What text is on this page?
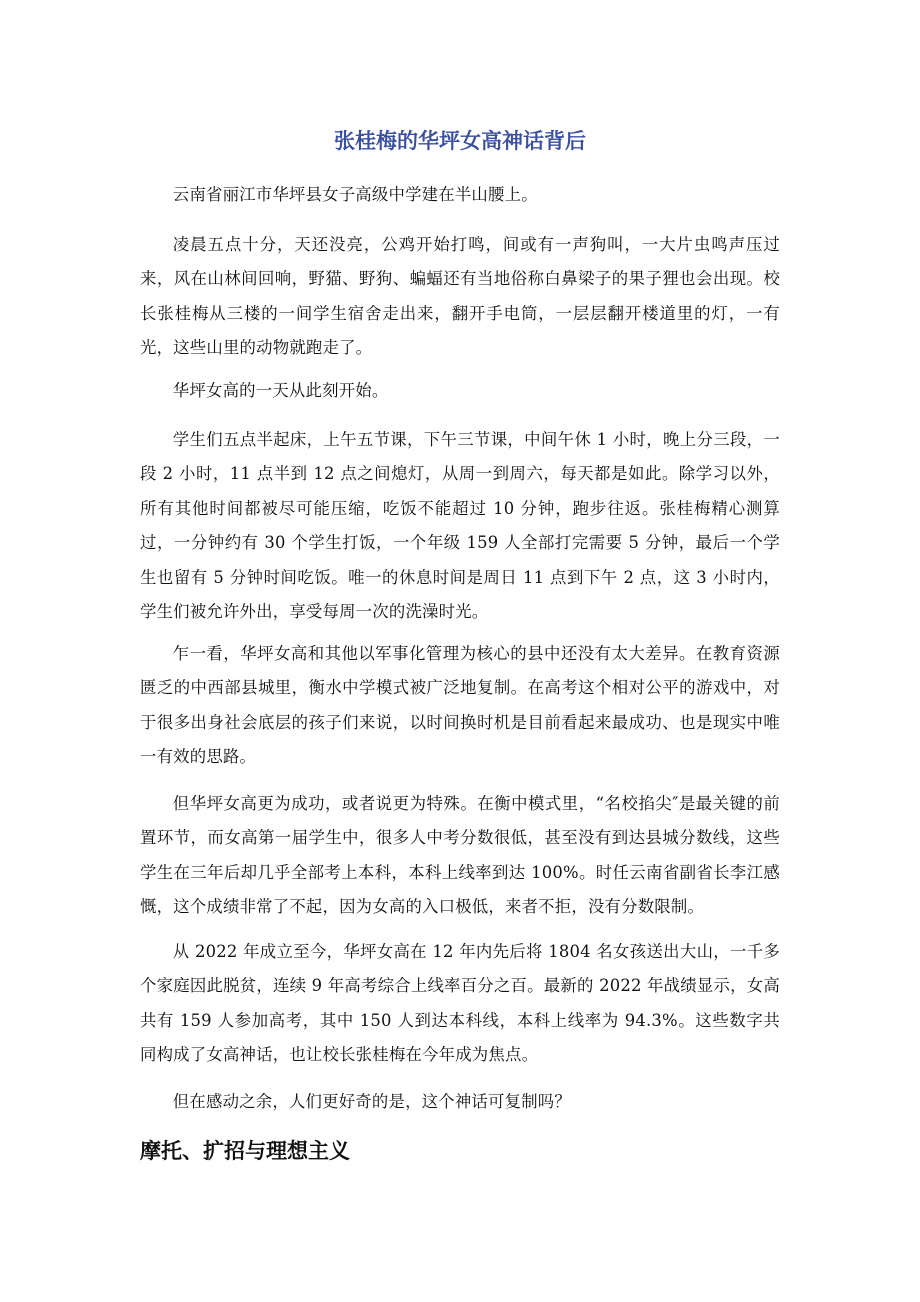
张桂梅的华坪女高神话背后

云南省丽江市华坪县女子高级中学建在半山腰上。

凌晨五点十分，天还没亮，公鸡开始打鸣，间或有一声狗叫，一大片虫鸣声压过来，风在山林间回响，野猫、野狗、蝙蝠还有当地俗称白鼻梁子的果子狸也会出现。校长张桂梅从三楼的一间学生宿舍走出来，翻开手电筒，一层层翻开楼道里的灯，一有光，这些山里的动物就跑走了。

华坪女高的一天从此刻开始。

学生们五点半起床，上午五节课，下午三节课，中间午休 1 小时，晚上分三段，一段 2 小时，11 点半到 12 点之间熄灯，从周一到周六，每天都是如此。除学习以外，所有其他时间都被尽可能压缩，吃饭不能超过 10 分钟，跑步往返。张桂梅精心测算过，一分钟约有 30 个学生打饭，一个年级 159 人全部打完需要 5 分钟，最后一个学生也留有 5 分钟时间吃饭。唯一的休息时间是周日 11 点到下午 2 点，这 3 小时内，学生们被允许外出，享受每周一次的洗澡时光。

乍一看，华坪女高和其他以军事化管理为核心的县中还没有太大差异。在教育资源匮乏的中西部县城里，衡水中学模式被广泛地复制。在高考这个相对公平的游戏中，对于很多出身社会底层的孩子们来说，以时间换时机是目前看起来最成功、也是现实中唯一有效的思路。

但华坪女高更为成功，或者说更为特殊。在衡中模式里，“名校掐尖″是最关键的前置环节，而女高第一届学生中，很多人中考分数很低，甚至没有到达县城分数线，这些学生在三年后却几乎全部考上本科，本科上线率到达 100%。时任云南省副省长李江感慨，这个成绩非常了不起，因为女高的入口极低，来者不拒，没有分数限制。

从 2022 年成立至今，华坪女高在 12 年内先后将 1804 名女孩送出大山，一千多个家庭因此脱贫，连续 9 年高考综合上线率百分之百。最新的 2022 年战绩显示，女高共有 159 人参加高考，其中 150 人到达本科线，本科上线率为 94.3%。这些数字共同构成了女高神话，也让校长张桂梅在今年成为焦点。

但在感动之余，人们更好奇的是，这个神话可复制吗？

摩托、扩招与理想主义
